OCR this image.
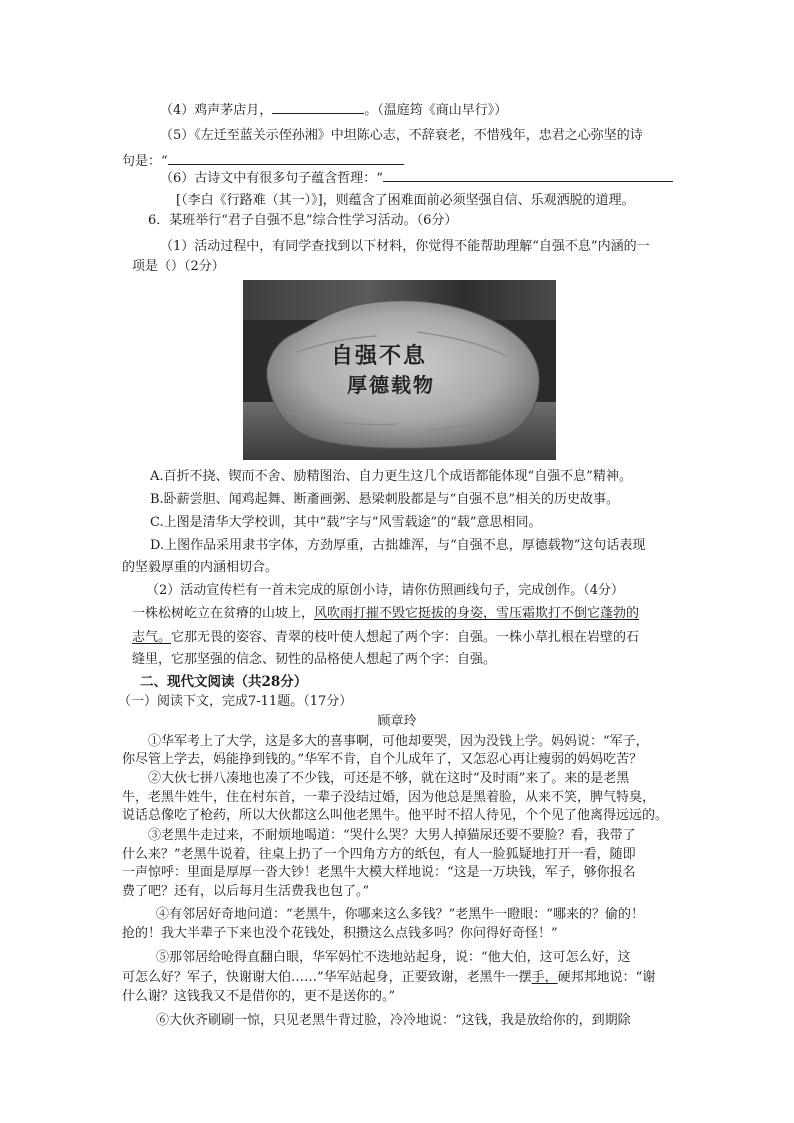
（4）鸡声茅店月，	。（温庭筠《商山早行》）
（5）《左迁至蓝关示侄孙湘》中坦陈心志，不辞衰老，不惜残年，忠君之心弥坚的诗
句是：“
（6）古诗文中有很多句子蕴含哲理：“
[（李白《行路难（其一）》]，则蕴含了困难面前必须坚强自信、乐观洒脱的道理。
6．某班举行“君子自强不息”综合性学习活动。（6分）
（1）活动过程中，有同学查找到以下材料，你觉得不能帮助理解“自强不息”内涵的一
项是（）（2分）
自强不息
厚德载物
A.百折不挠、锲而不舍、励精图治、自力更生这几个成语都能体现“自强不息”精神。
B.卧薪尝胆、闻鸡起舞、断齑画粥、悬梁刺股都是与“自强不息”相关的历史故事。
C.上图是清华大学校训，其中“载”字与“风雪载途”的“载”意思相同。
D.上图作品采用隶书字体，方劲厚重，古拙雄浑，与“自强不息，厚德载物”这句话表现
的坚毅厚重的内涵相切合。
（2）活动宣传栏有一首未完成的原创小诗，请你仿照画线句子，完成创作。（4分）
一株松树屹立在贫瘠的山坡上，风吹雨打摧不毁它挺拔的身姿，雪压霜欺打不倒它蓬勃的
志气。它那无畏的姿容、青翠的枝叶使人想起了两个字：自强。一株小草扎根在岩壁的石
缝里，它那坚强的信念、韧性的品格使人想起了两个字：自强。
二、现代文阅读（共28分）
（一）阅读下文，完成7-11题。（17分）
顾章玲
①华军考上了大学，这是多大的喜事啊，可他却要哭，因为没钱上学。妈妈说：“军子，
你尽管上学去，妈能挣到钱的。”华军不肯，自个儿成年了，又怎忍心再让瘦弱的妈妈吃苦？
②大伙七拼八凑地也凑了不少钱，可还是不够，就在这时“及时雨”来了。来的是老黑
牛，老黑牛姓牛，住在村东首，一辈子没结过婚，因为他总是黑着脸，从来不笑，脾气特臭，
说话总像吃了枪药，所以大伙都这么叫他老黑牛。他平时不招人待见，个个见了他离得远远的。
③老黑牛走过来，不耐烦地喝道：“哭什么哭？大男人掉猫尿还要不要脸？看，我带了
什么来？”老黑牛说着，往桌上扔了一个四角方方的纸包，有人一脸狐疑地打开一看，随即
一声惊呼：里面是厚厚一沓大钞！老黑牛大模大样地说：“这是一万块钱，军子，够你报名
费了吧？还有，以后每月生活费我也包了。”
④有邻居好奇地问道：“老黑牛，你哪来这么多钱？”老黑牛一瞪眼：“哪来的？偷的！
抢的！我大半辈子下来也没个花钱处，积攒这么点钱多吗？你问得好奇怪！”
⑤那邻居给呛得直翻白眼，华军妈忙不迭地站起身，说：“他大伯，这可怎么好，这
可怎么好？军子，快谢谢大伯……”华军站起身，正要致谢，老黑牛一摆手，硬邦邦地说：“谢
什么谢？这钱我又不是借你的，更不是送你的。”
⑥大伙齐刷刷一惊，只见老黑牛背过脸，冷冷地说：“这钱，我是放给你的，到期除
